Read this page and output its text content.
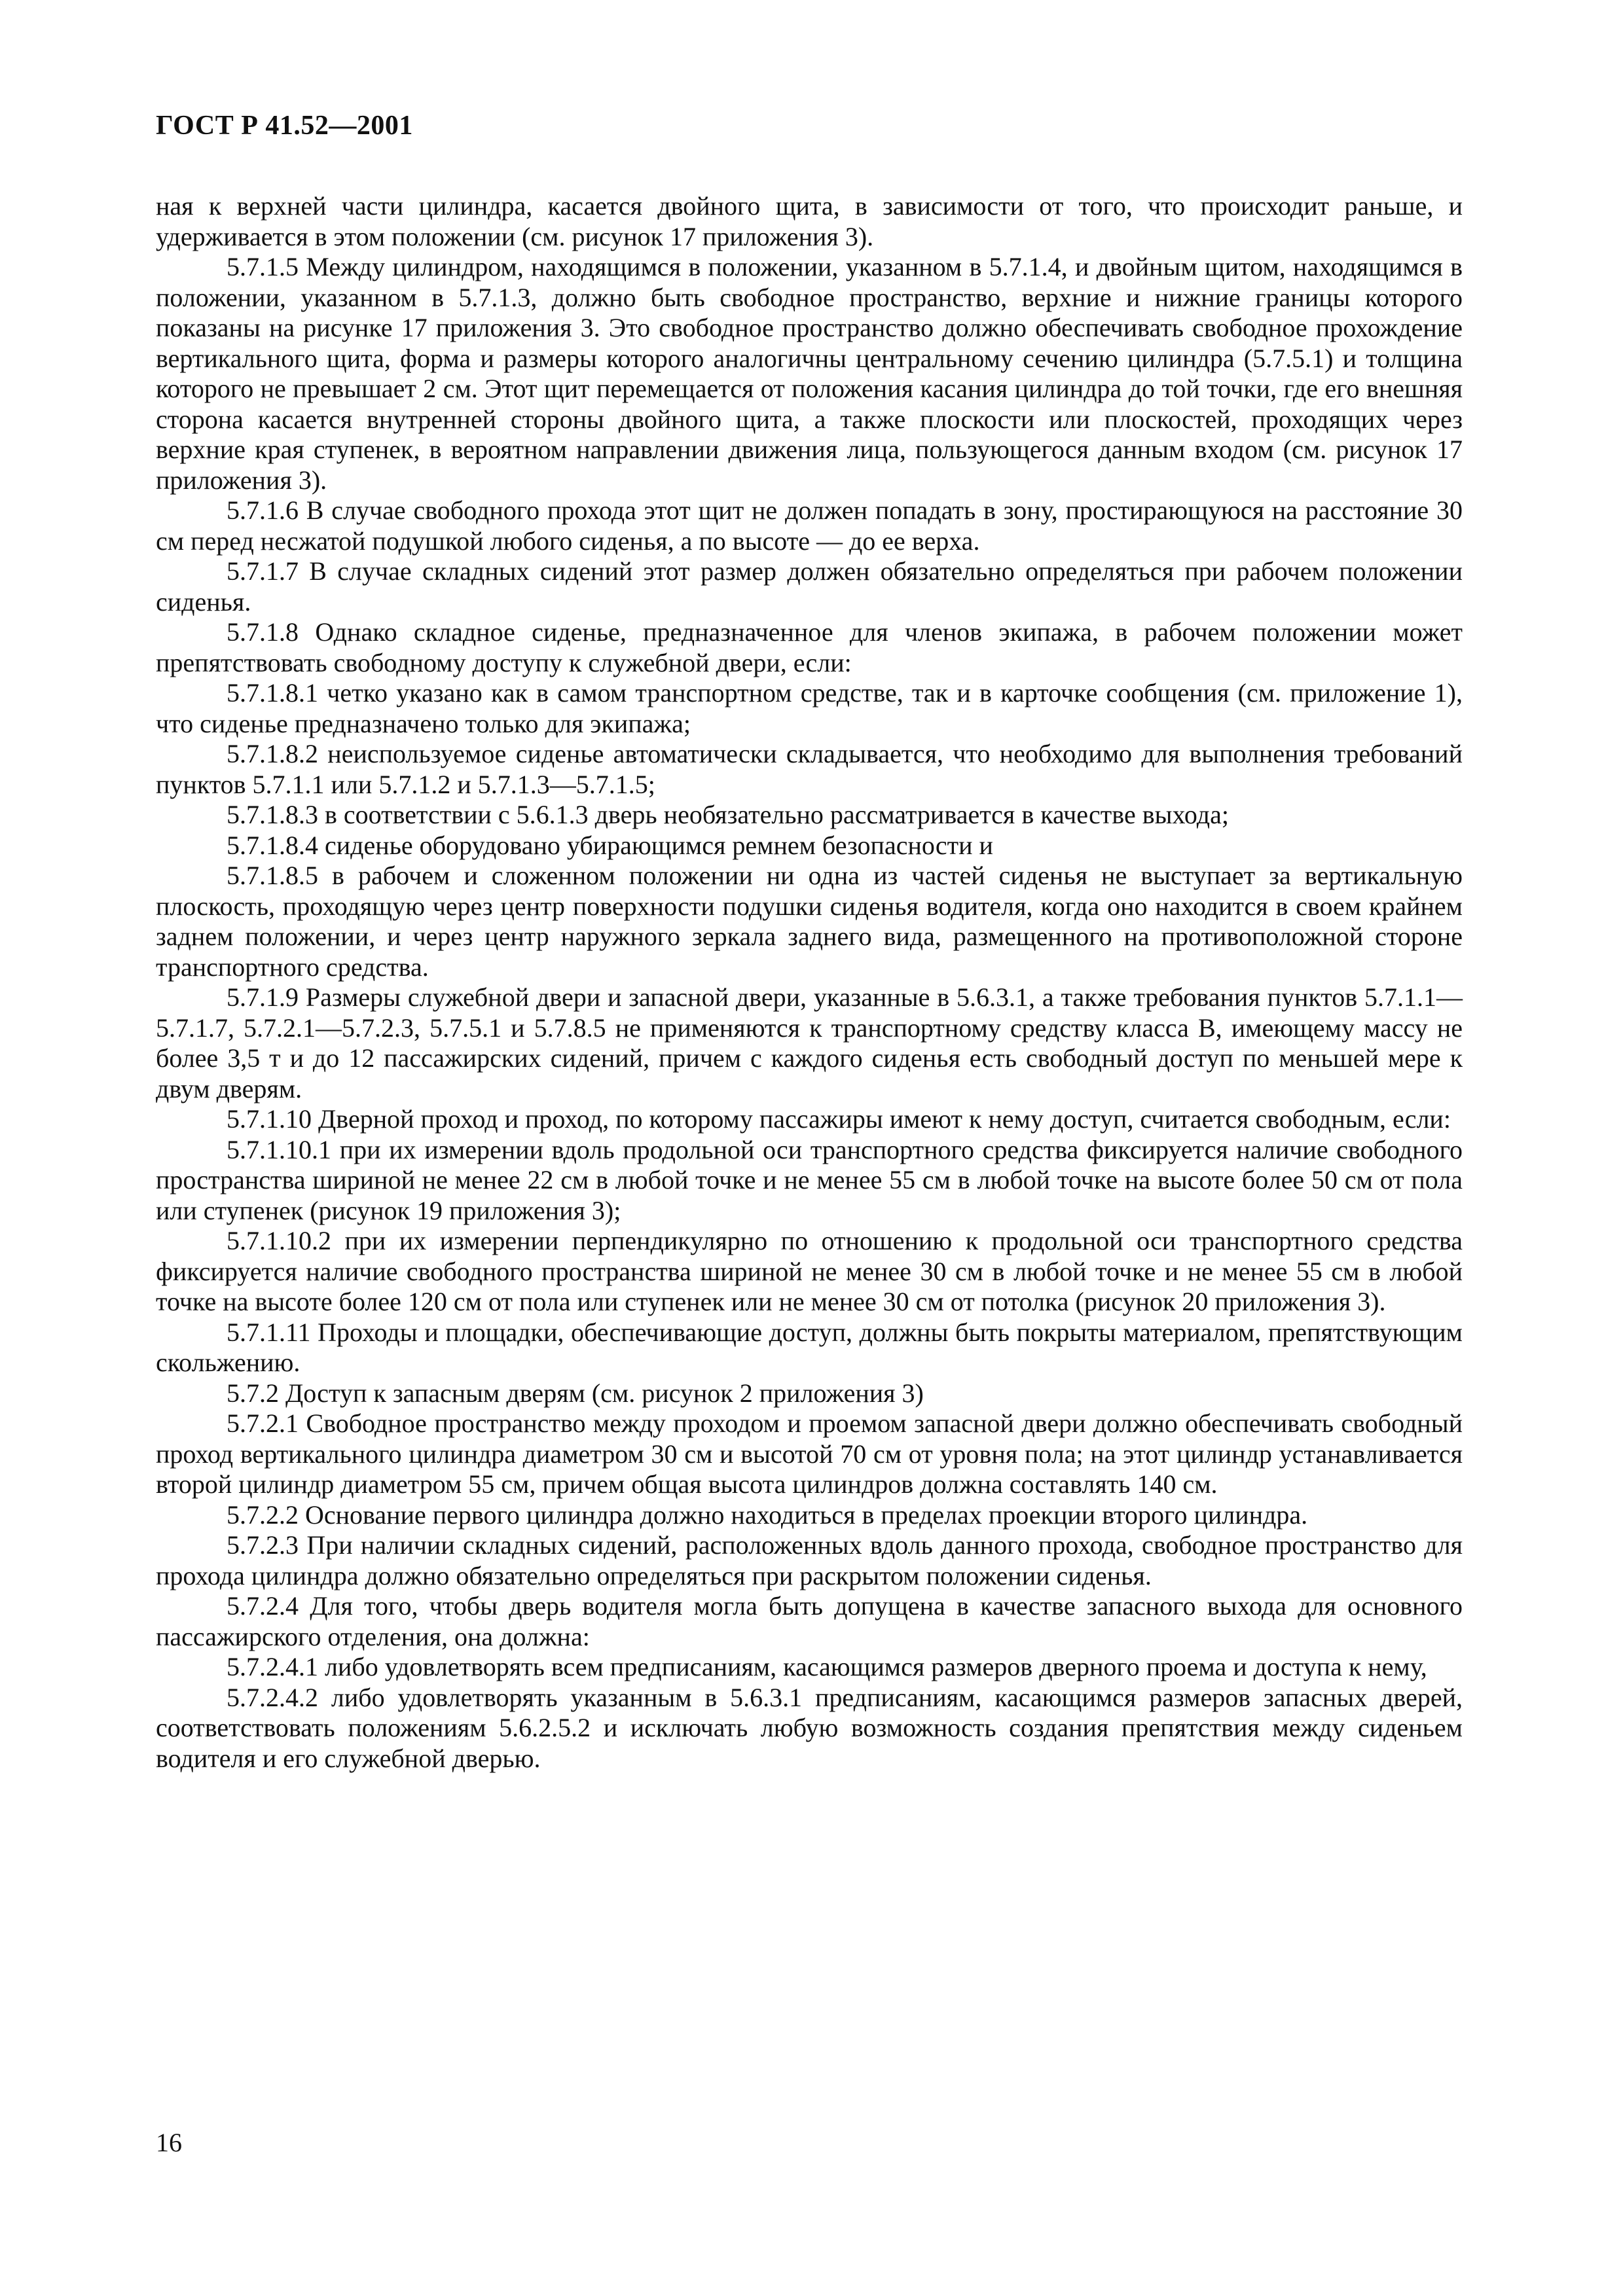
ГОСТ Р 41.52—2001

ная к верхней части цилиндра, касается двойного щита, в зависимости от того, что происходит раньше, и удерживается в этом положении (см. рисунок 17 приложения 3).

5.7.1.5 Между цилиндром, находящимся в положении, указанном в 5.7.1.4, и двойным щитом, находящимся в положении, указанном в 5.7.1.3, должно быть свободное пространство, верхние и нижние границы которого показаны на рисунке 17 приложения 3. Это свободное пространство должно обеспечивать свободное прохождение вертикального щита, форма и размеры которого аналогичны центральному сечению цилиндра (5.7.5.1) и толщина которого не превышает 2 см. Этот щит перемещается от положения касания цилиндра до той точки, где его внешняя сторона касается внутренней стороны двойного щита, а также плоскости или плоскостей, проходящих через верхние края ступенек, в вероятном направлении движения лица, пользующегося данным входом (см. рисунок 17 приложения 3).

5.7.1.6 В случае свободного прохода этот щит не должен попадать в зону, простирающуюся на расстояние 30 см перед несжатой подушкой любого сиденья, а по высоте — до ее верха.

5.7.1.7 В случае складных сидений этот размер должен обязательно определяться при рабочем положении сиденья.

5.7.1.8 Однако складное сиденье, предназначенное для членов экипажа, в рабочем положении может препятствовать свободному доступу к служебной двери, если:

5.7.1.8.1 четко указано как в самом транспортном средстве, так и в карточке сообщения (см. приложение 1), что сиденье предназначено только для экипажа;

5.7.1.8.2 неиспользуемое сиденье автоматически складывается, что необходимо для выполнения требований пунктов 5.7.1.1 или 5.7.1.2 и 5.7.1.3—5.7.1.5;

5.7.1.8.3 в соответствии с 5.6.1.3 дверь необязательно рассматривается в качестве выхода;

5.7.1.8.4 сиденье оборудовано убирающимся ремнем безопасности и

5.7.1.8.5 в рабочем и сложенном положении ни одна из частей сиденья не выступает за вертикальную плоскость, проходящую через центр поверхности подушки сиденья водителя, когда оно находится в своем крайнем заднем положении, и через центр наружного зеркала заднего вида, размещенного на противоположной стороне транспортного средства.

5.7.1.9 Размеры служебной двери и запасной двери, указанные в 5.6.3.1, а также требования пунктов 5.7.1.1—5.7.1.7, 5.7.2.1—5.7.2.3, 5.7.5.1 и 5.7.8.5 не применяются к транспортному средству класса B, имеющему массу не более 3,5 т и до 12 пассажирских сидений, причем с каждого сиденья есть свободный доступ по меньшей мере к двум дверям.

5.7.1.10 Дверной проход и проход, по которому пассажиры имеют к нему доступ, считается свободным, если:

5.7.1.10.1 при их измерении вдоль продольной оси транспортного средства фиксируется наличие свободного пространства шириной не менее 22 см в любой точке и не менее 55 см в любой точке на высоте более 50 см от пола или ступенек (рисунок 19 приложения 3);

5.7.1.10.2 при их измерении перпендикулярно по отношению к продольной оси транспортного средства фиксируется наличие свободного пространства шириной не менее 30 см в любой точке и не менее 55 см в любой точке на высоте более 120 см от пола или ступенек или не менее 30 см от потолка (рисунок 20 приложения 3).

5.7.1.11 Проходы и площадки, обеспечивающие доступ, должны быть покрыты материалом, препятствующим скольжению.

5.7.2 Доступ к запасным дверям (см. рисунок 2 приложения 3)

5.7.2.1 Свободное пространство между проходом и проемом запасной двери должно обеспечивать свободный проход вертикального цилиндра диаметром 30 см и высотой 70 см от уровня пола; на этот цилиндр устанавливается второй цилиндр диаметром 55 см, причем общая высота цилиндров должна составлять 140 см.

5.7.2.2 Основание первого цилиндра должно находиться в пределах проекции второго цилиндра.

5.7.2.3 При наличии складных сидений, расположенных вдоль данного прохода, свободное пространство для прохода цилиндра должно обязательно определяться при раскрытом положении сиденья.

5.7.2.4 Для того, чтобы дверь водителя могла быть допущена в качестве запасного выхода для основного пассажирского отделения, она должна:

5.7.2.4.1 либо удовлетворять всем предписаниям, касающимся размеров дверного проема и доступа к нему,

5.7.2.4.2 либо удовлетворять указанным в 5.6.3.1 предписаниям, касающимся размеров запасных дверей, соответствовать положениям 5.6.2.5.2 и исключать любую возможность создания препятствия между сиденьем водителя и его служебной дверью.

16
